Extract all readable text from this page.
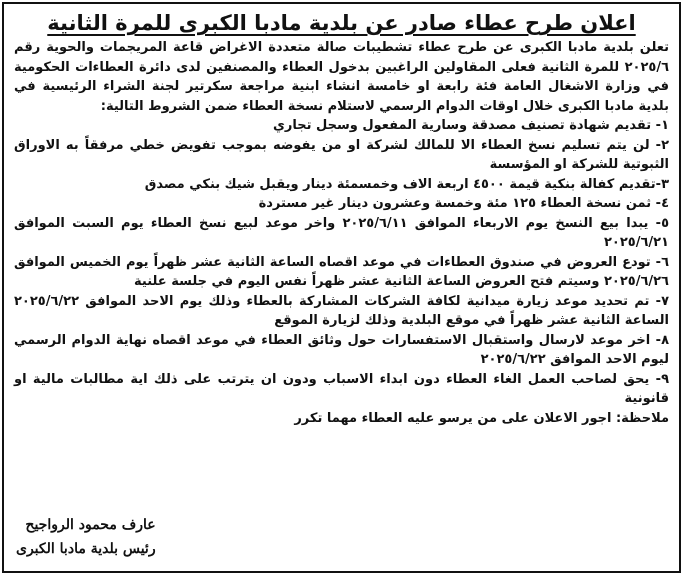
اعلان طرح عطاء صادر عن بلدية مادبا الكبرى للمرة الثانية

تعلن بلدية مادبا الكبرى عن طرح عطاء تشطيبات صالة متعددة الاغراض قاعة المريجمات والحوية رقم ٢٠٢٥/٦ للمرة الثانية فعلى المقاولين الراغبين بدخول العطاء والمصنفين لدى دائرة العطاءات الحكومية في وزارة الاشغال العامة فئة رابعة او خامسة انشاء ابنية مراجعة سكرتير لجنة الشراء الرئيسية في بلدية مادبا الكبرى خلال اوقات الدوام الرسمي لاستلام نسخة العطاء ضمن الشروط التالية:

١- تقديم شهادة تصنيف مصدقة وسارية المفعول وسجل تجاري

٢- لن يتم تسليم نسخ العطاء الا للمالك لشركة او من يفوضه بموجب تفويض خطي مرفقاً به الاوراق الثبوتية للشركة او المؤسسة

٣-تقديم كفالة بنكية قيمة ٤٥٠٠ اربعة الاف وخمسمئة دينار ويقبل شيك بنكي مصدق

٤- ثمن نسخة العطاء ١٢٥ مئة وخمسة وعشرون دينار غير مستردة

٥- يبدا بيع النسخ يوم الاربعاء الموافق ٢٠٢٥/٦/١١ واخر موعد لبيع نسخ العطاء يوم السبت الموافق ٢٠٢٥/٦/٢١

٦- تودع العروض في صندوق العطاءات في موعد اقصاه الساعة الثانية عشر ظهراً يوم الخميس الموافق ٢٠٢٥/٦/٢٦ وسيتم فتح العروض الساعة الثانية عشر ظهراً نفس اليوم في جلسة علنية

٧- تم تحديد موعد زيارة ميدانية لكافة الشركات المشاركة بالعطاء وذلك يوم الاحد الموافق ٢٠٢٥/٦/٢٢ الساعة الثانية عشر ظهراً في موقع البلدية وذلك لزيارة الموقع

٨- اخر موعد لارسال واستقبال الاستفسارات حول وثائق العطاء في موعد اقصاه نهاية الدوام الرسمي ليوم الاحد الموافق ٢٠٢٥/٦/٢٢

٩- يحق لصاحب العمل الغاء العطاء دون ابداء الاسباب ودون ان يترتب على ذلك اية مطالبات مالية او قانونية

ملاحظة: اجور الاعلان على من يرسو عليه العطاء مهما تكرر

عارف محمود الرواجيح
رئيس بلدية مادبا الكبرى
